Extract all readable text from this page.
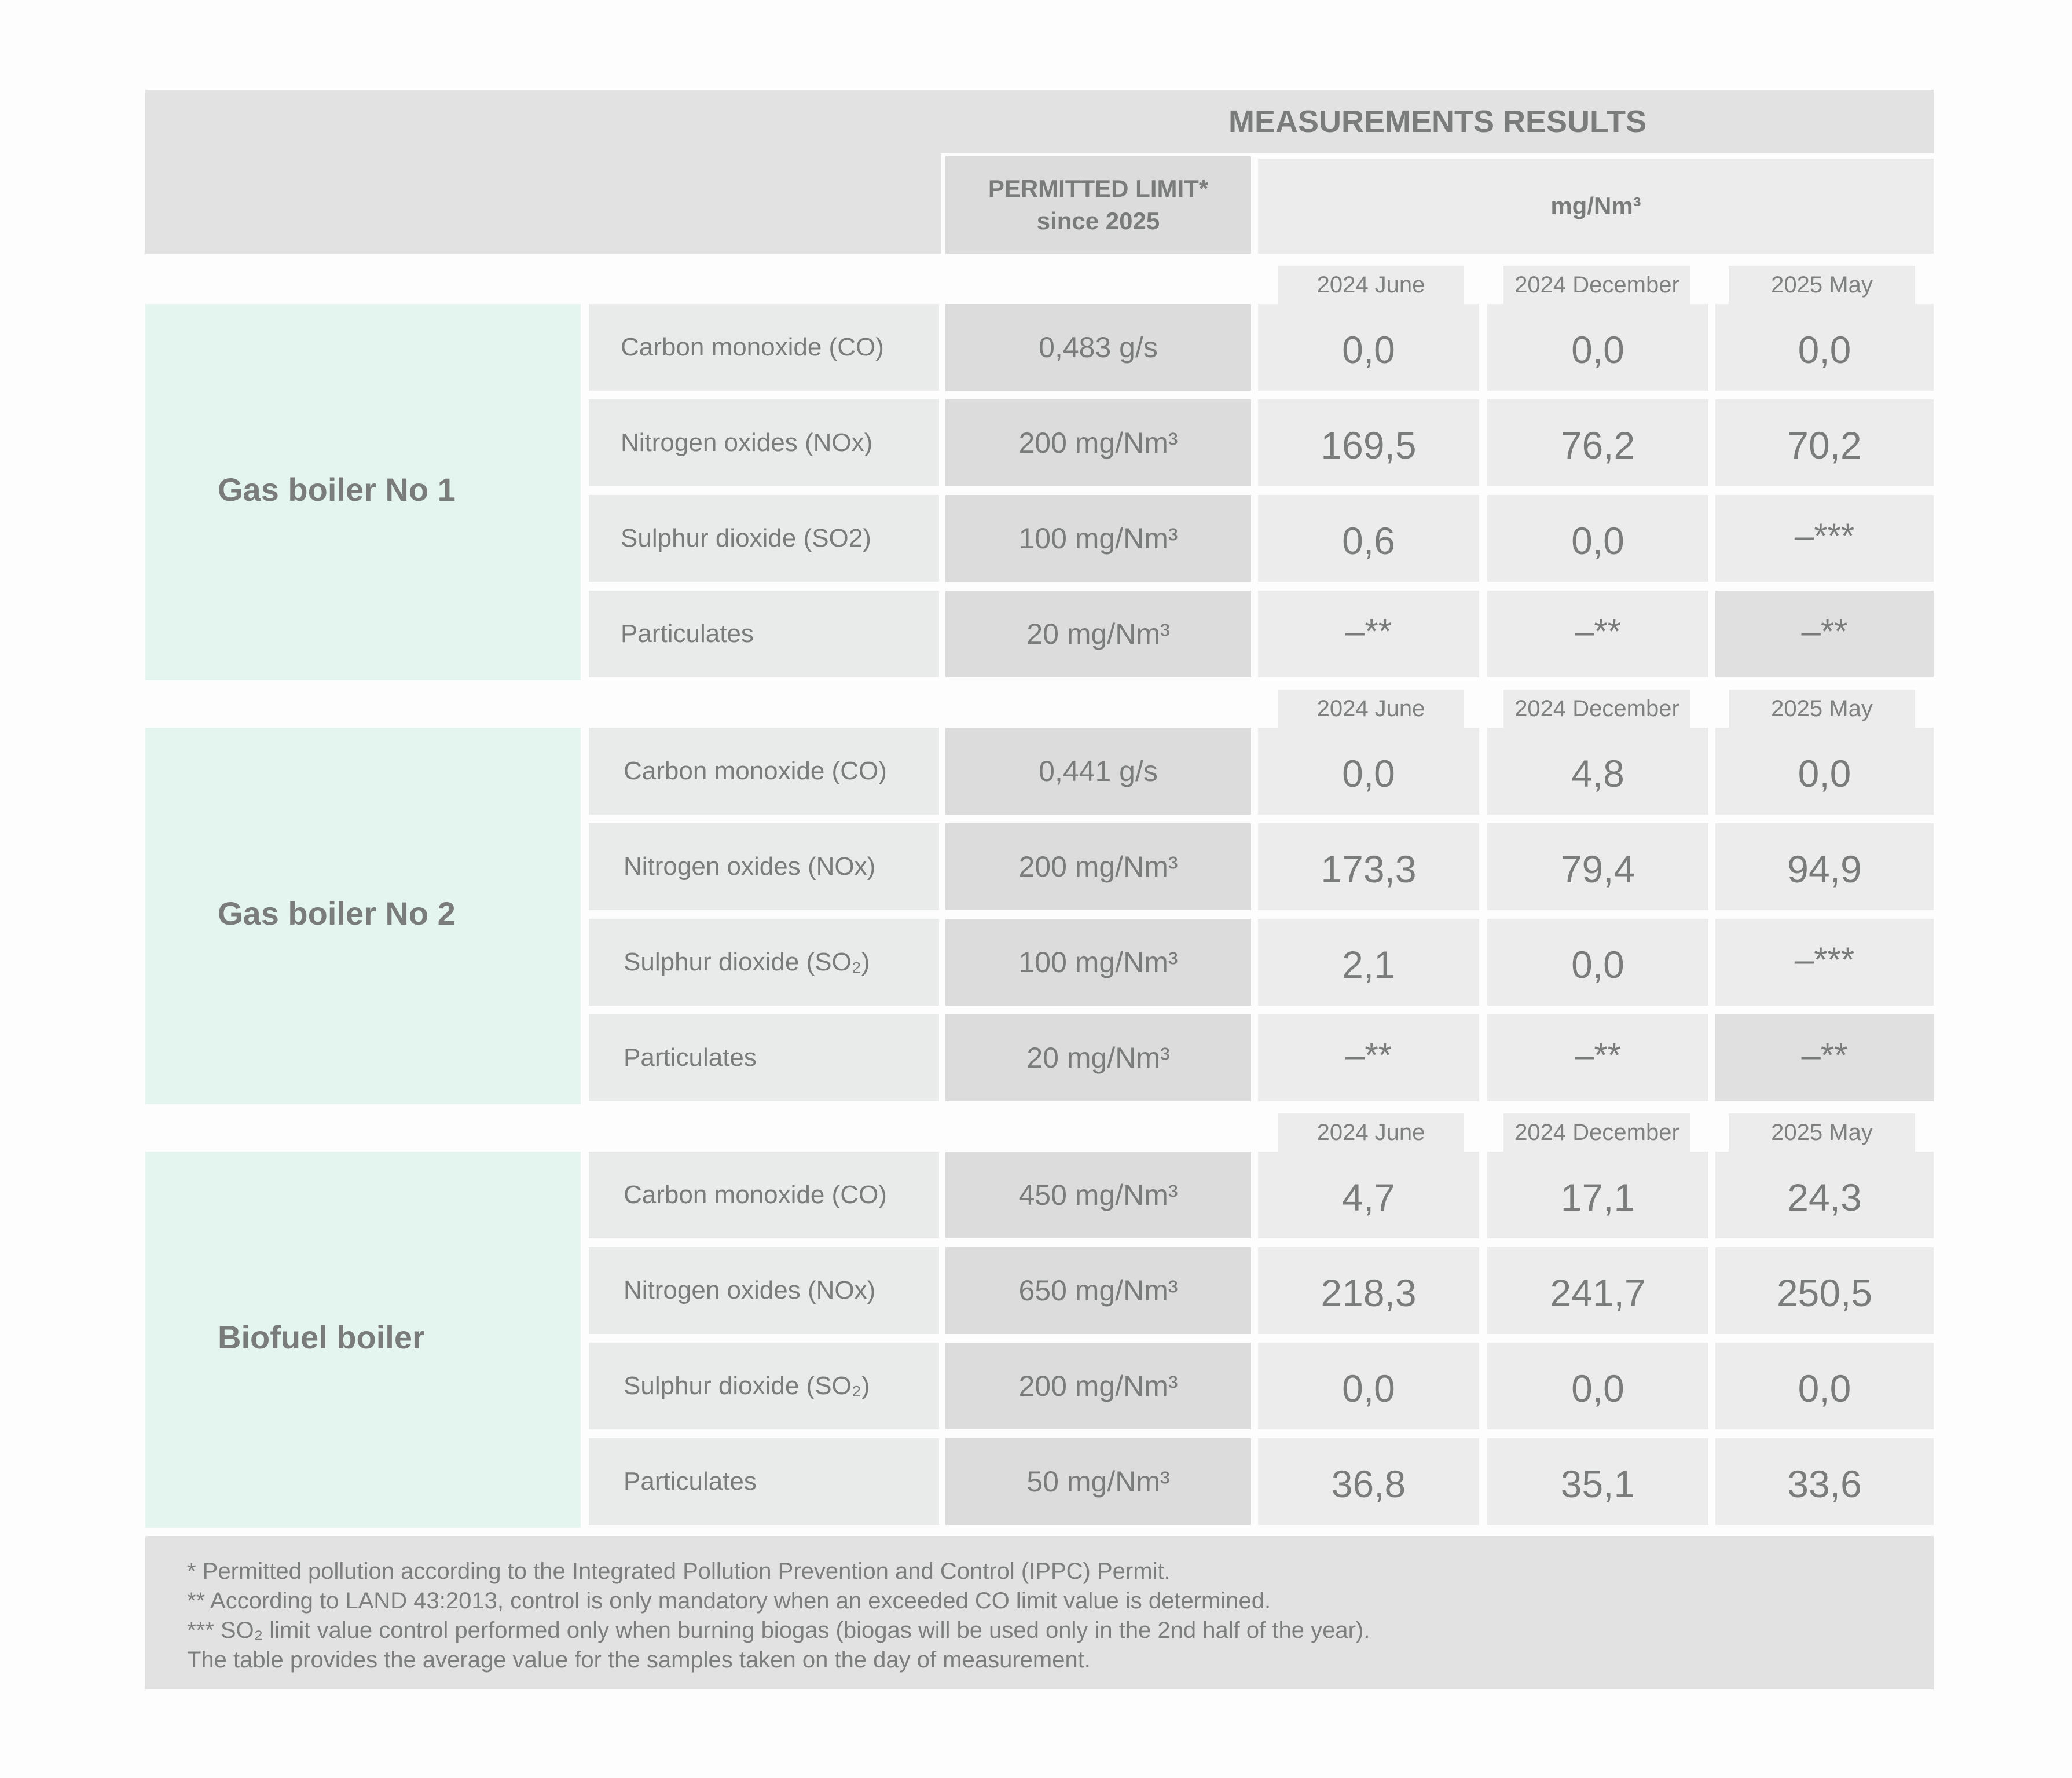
MEASUREMENTS RESULTS
PERMITTED LIMIT*
since 2025
mg/Nm³
2024 June	2024 December	2025 May
Gas boiler No 1
Carbon monoxide (CO)	0,483 g/s	0,0	0,0	0,0
Nitrogen oxides (NOx)	200 mg/Nm³	169,5	76,2	70,2
Sulphur dioxide (SO2)	100 mg/Nm³	0,6	0,0	–***
Particulates	20 mg/Nm³	–**	–**	–**
2024 June	2024 December	2025 May
Gas boiler No 2
Carbon monoxide (CO)	0,441 g/s	0,0	4,8	0,0
Nitrogen oxides (NOx)	200 mg/Nm³	173,3	79,4	94,9
Sulphur dioxide (SO₂)	100 mg/Nm³	2,1	0,0	–***
Particulates	20 mg/Nm³	–**	–**	–**
2024 June	2024 December	2025 May
Biofuel boiler
Carbon monoxide (CO)	450 mg/Nm³	4,7	17,1	24,3
Nitrogen oxides (NOx)	650 mg/Nm³	218,3	241,7	250,5
Sulphur dioxide (SO₂)	200 mg/Nm³	0,0	0,0	0,0
Particulates	50 mg/Nm³	36,8	35,1	33,6
* Permitted pollution according to the Integrated Pollution Prevention and Control (IPPC) Permit.
** According to LAND 43:2013, control is only mandatory when an exceeded CO limit value is determined.
*** SO₂ limit value control performed only when burning biogas (biogas will be used only in the 2nd half of the year).
The table provides the average value for the samples taken on the day of measurement.
